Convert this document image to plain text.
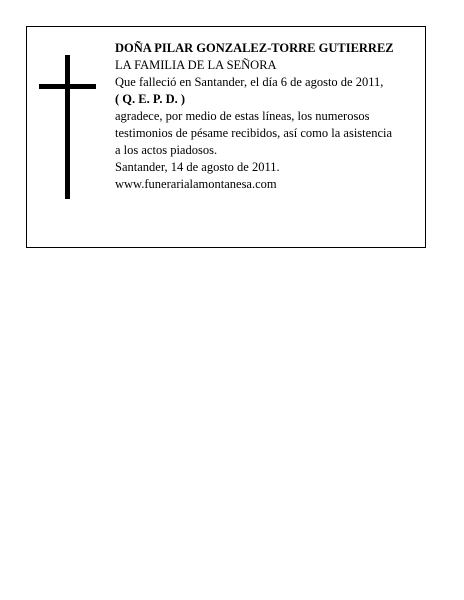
DOÑA PILAR GONZALEZ-TORRE GUTIERREZ
LA FAMILIA DE LA SEÑORA
Que falleció en Santander, el día 6 de agosto de 2011,
( Q. E. P. D. )
agradece, por medio de estas líneas, los numerosos
testimonios de pésame recibidos, así como la asistencia
a los actos piadosos.
Santander, 14 de agosto de 2011.
www.funerarialamontanesa.com
